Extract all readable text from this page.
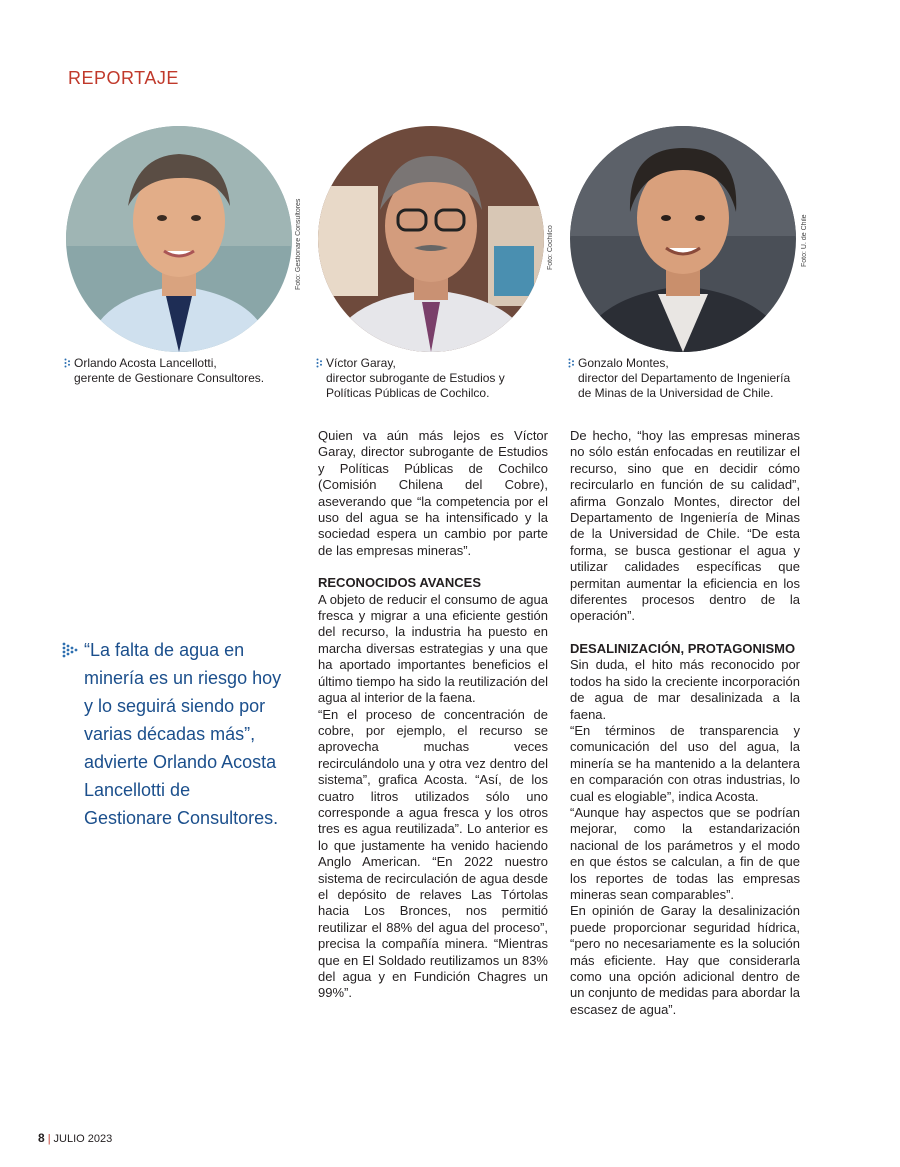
REPORTAJE
Foto: Gestionare Consultores	Foto: Cochilco	Foto: U. de Chile
Orlando Acosta Lancellotti,
gerente de Gestionare Consultores.
Víctor Garay,
director subrogante de Estudios y
Políticas Públicas de Cochilco.
Gonzalo Montes,
director del Departamento de Ingeniería
de Minas de la Universidad de Chile.
“La falta de agua en minería es un riesgo hoy y lo seguirá siendo por varias décadas más”, advierte Orlando Acosta Lancellotti de Gestionare Consultores.

Quien va aún más lejos es Víctor Garay, director subrogante de Estudios y Políticas Públicas de Cochilco (Comisión Chilena del Cobre), aseverando que “la competencia por el uso del agua se ha intensificado y la sociedad espera un cambio por parte de las empresas mineras”.

RECONOCIDOS AVANCES

A objeto de reducir el consumo de agua fresca y migrar a una eficiente gestión del recurso, la industria ha puesto en marcha diversas estrategias y una que ha aportado importantes beneficios el último tiempo ha sido la reutilización del agua al interior de la faena.

“En el proceso de concentración de cobre, por ejemplo, el recurso se aprovecha muchas veces recirculándolo una y otra vez dentro del sistema”, grafica Acosta. “Así, de los cuatro litros utilizados sólo uno corresponde a agua fresca y los otros tres es agua reutilizada”. Lo anterior es lo que justamente ha venido haciendo Anglo American. “En 2022 nuestro sistema de recirculación de agua desde el depósito de relaves Las Tórtolas hacia Los Bronces, nos permitió reutilizar el 88% del agua del proceso”, precisa la compañía minera. “Mientras que en El Soldado reutilizamos un 83% del agua y en Fundición Chagres un 99%”.

De hecho, “hoy las empresas mineras no sólo están enfocadas en reutilizar el recurso, sino que en decidir cómo recircularlo en función de su calidad”, afirma Gonzalo Montes, director del Departamento de Ingeniería de Minas de la Universidad de Chile. “De esta forma, se busca gestionar el agua y utilizar calidades específicas que permitan aumentar la eficiencia en los diferentes procesos dentro de la operación”.

DESALINIZACIÓN, PROTAGONISMO

Sin duda, el hito más reconocido por todos ha sido la creciente incorporación de agua de mar desalinizada a la faena.

“En términos de transparencia y comunicación del uso del agua, la minería se ha mantenido a la delantera en comparación con otras industrias, lo cual es elogiable”, indica Acosta.

“Aunque hay aspectos que se podrían mejorar, como la estandarización nacional de los parámetros y el modo en que éstos se calculan, a fin de que los reportes de todas las empresas mineras sean comparables”.

En opinión de Garay la desalinización puede proporcionar seguridad hídrica, “pero no necesariamente es la solución más eficiente. Hay que considerarla como una opción adicional dentro de un conjunto de medidas para abordar la escasez de agua”.

8 | JULIO 2023
